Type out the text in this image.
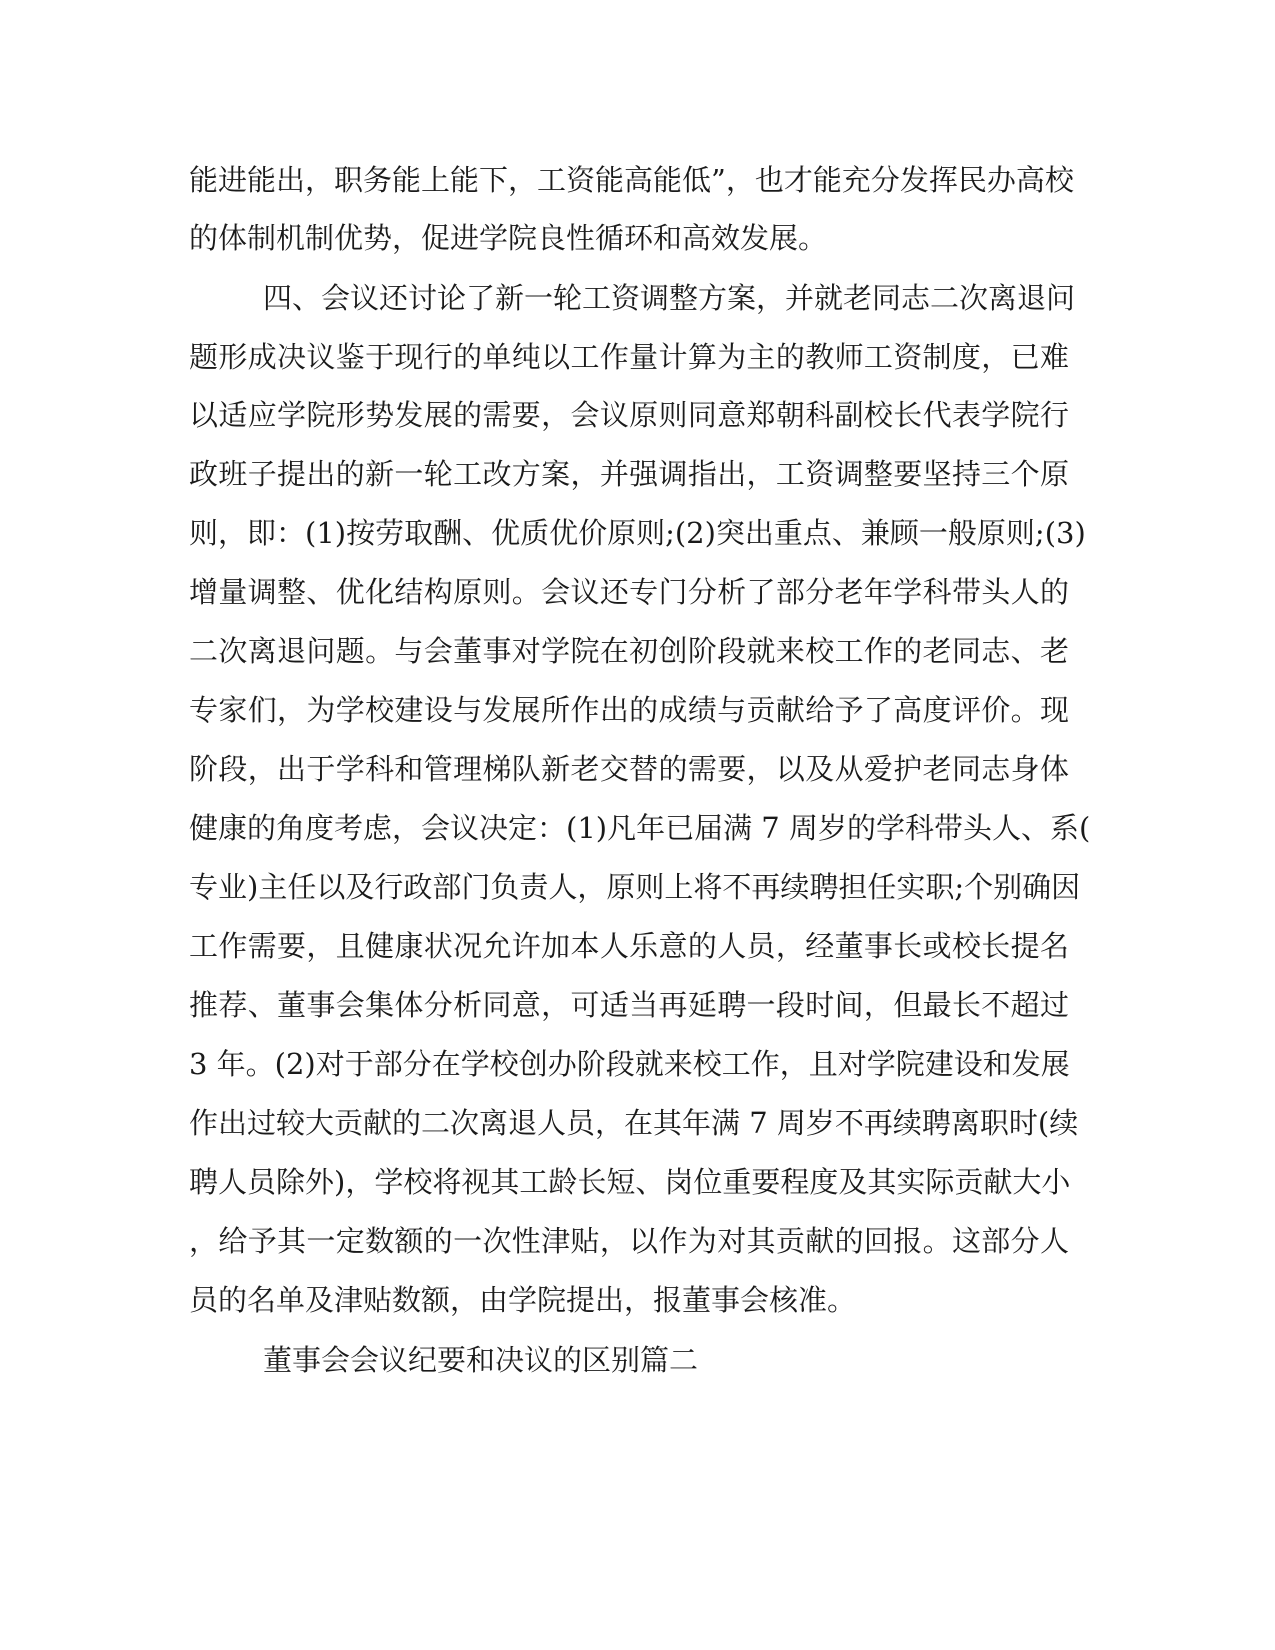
能进能出，职务能上能下，工资能高能低”，也才能充分发挥民办高校
的体制机制优势，促进学院良性循环和高效发展。
四、会议还讨论了新一轮工资调整方案，并就老同志二次离退问
题形成决议鉴于现行的单纯以工作量计算为主的教师工资制度，已难
以适应学院形势发展的需要，会议原则同意郑朝科副校长代表学院行
政班子提出的新一轮工改方案，并强调指出，工资调整要坚持三个原
则，即：(1)按劳取酬、优质优价原则;(2)突出重点、兼顾一般原则;(3)
增量调整、优化结构原则。会议还专门分析了部分老年学科带头人的
二次离退问题。与会董事对学院在初创阶段就来校工作的老同志、老
专家们，为学校建设与发展所作出的成绩与贡献给予了高度评价。现
阶段，出于学科和管理梯队新老交替的需要，以及从爱护老同志身体
健康的角度考虑，会议决定：(1)凡年已届满 7 周岁的学科带头人、系(
专业)主任以及行政部门负责人，原则上将不再续聘担任实职;个别确因
工作需要，且健康状况允许加本人乐意的人员，经董事长或校长提名
推荐、董事会集体分析同意，可适当再延聘一段时间，但最长不超过
3 年。(2)对于部分在学校创办阶段就来校工作，且对学院建设和发展
作出过较大贡献的二次离退人员，在其年满 7 周岁不再续聘离职时(续
聘人员除外)，学校将视其工龄长短、岗位重要程度及其实际贡献大小
，给予其一定数额的一次性津贴，以作为对其贡献的回报。这部分人
员的名单及津贴数额，由学院提出，报董事会核准。
董事会会议纪要和决议的区别篇二
